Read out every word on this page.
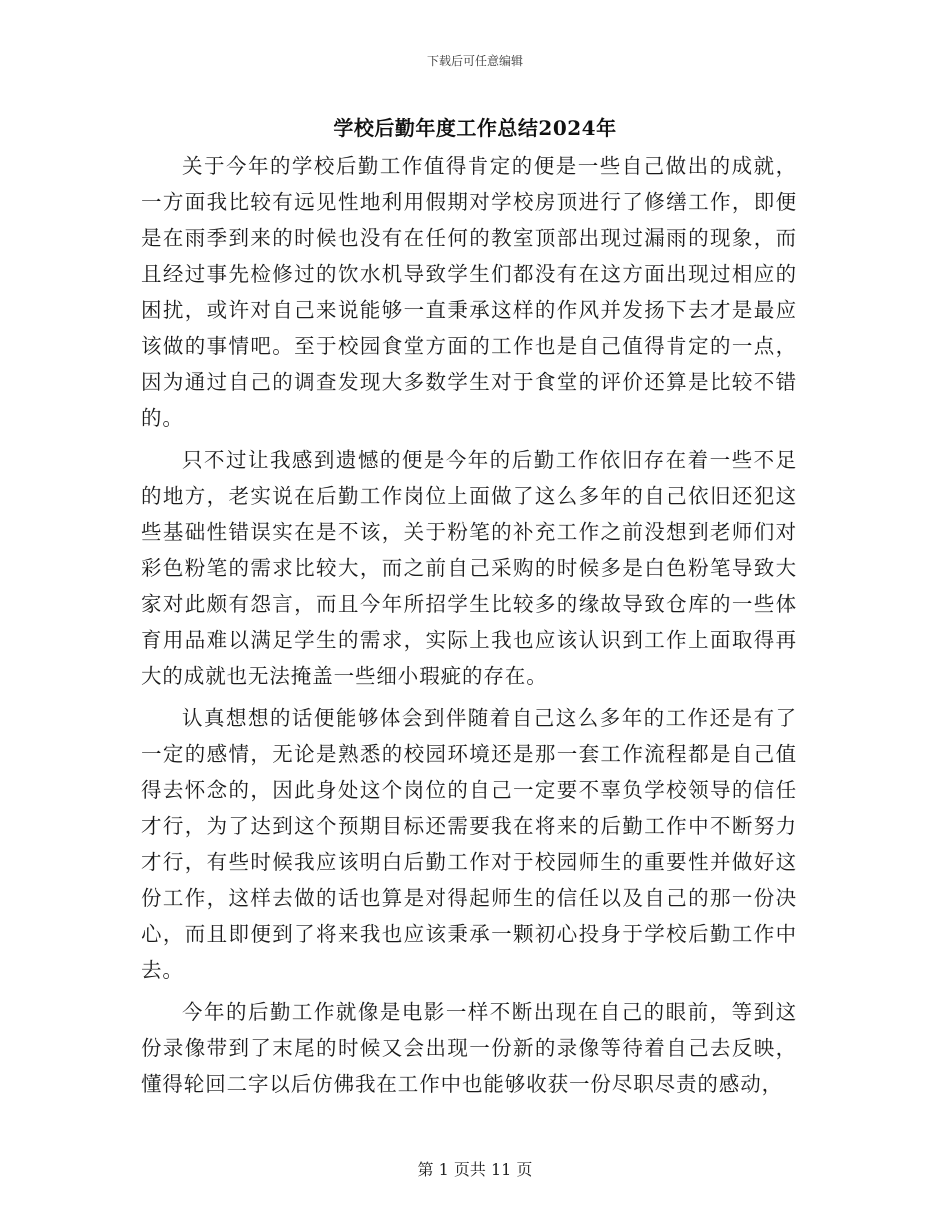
下载后可任意编辑
学校后勤年度工作总结2024年

关于今年的学校后勤工作值得肯定的便是一些自己做出的成就，一方面我比较有远见性地利用假期对学校房顶进行了修缮工作，即便是在雨季到来的时候也没有在任何的教室顶部出现过漏雨的现象，而且经过事先检修过的饮水机导致学生们都没有在这方面出现过相应的困扰，或许对自己来说能够一直秉承这样的作风并发扬下去才是最应该做的事情吧。至于校园食堂方面的工作也是自己值得肯定的一点，因为通过自己的调查发现大多数学生对于食堂的评价还算是比较不错的。

只不过让我感到遗憾的便是今年的后勤工作依旧存在着一些不足的地方，老实说在后勤工作岗位上面做了这么多年的自己依旧还犯这些基础性错误实在是不该，关于粉笔的补充工作之前没想到老师们对彩色粉笔的需求比较大，而之前自己采购的时候多是白色粉笔导致大家对此颇有怨言，而且今年所招学生比较多的缘故导致仓库的一些体育用品难以满足学生的需求，实际上我也应该认识到工作上面取得再大的成就也无法掩盖一些细小瑕疵的存在。

认真想想的话便能够体会到伴随着自己这么多年的工作还是有了一定的感情，无论是熟悉的校园环境还是那一套工作流程都是自己值得去怀念的，因此身处这个岗位的自己一定要不辜负学校领导的信任才行，为了达到这个预期目标还需要我在将来的后勤工作中不断努力才行，有些时候我应该明白后勤工作对于校园师生的重要性并做好这份工作，这样去做的话也算是对得起师生的信任以及自己的那一份决心，而且即便到了将来我也应该秉承一颗初心投身于学校后勤工作中去。

今年的后勤工作就像是电影一样不断出现在自己的眼前，等到这份录像带到了末尾的时候又会出现一份新的录像等待着自己去反映，懂得轮回二字以后仿佛我在工作中也能够收获一份尽职尽责的感动，

第 1 页共 11 页
